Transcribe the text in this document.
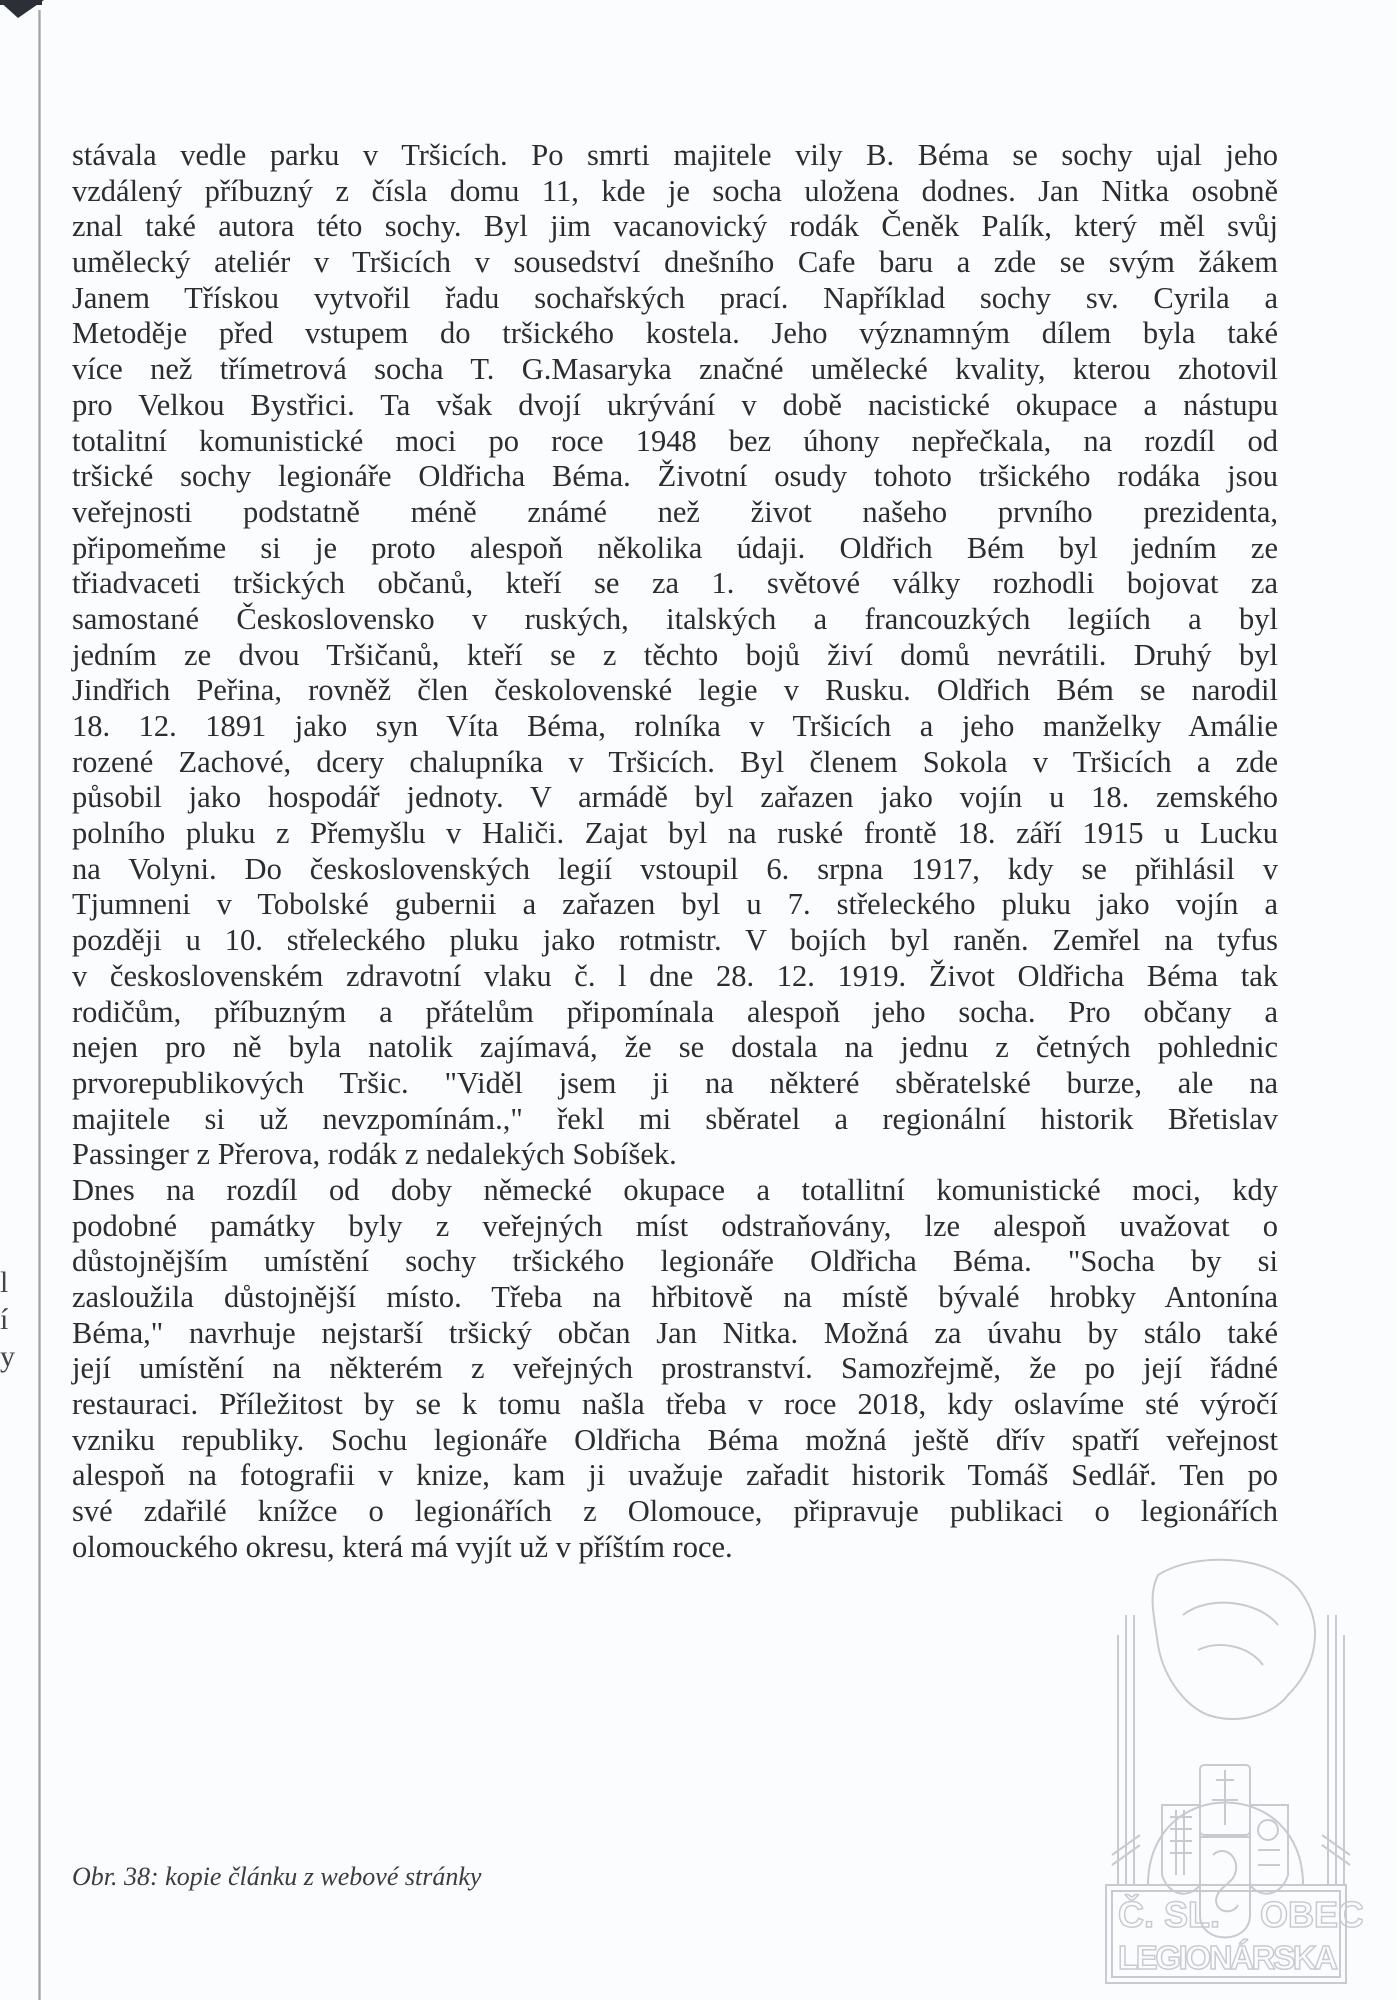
l
í
y
stávala vedle parku v Tršicích. Po smrti majitele vily B. Béma se sochy ujal jeho
vzdálený příbuzný z čísla domu 11, kde je socha uložena dodnes. Jan Nitka osobně
znal také autora této sochy. Byl jim vacanovický rodák Čeněk Palík, který měl svůj
umělecký ateliér v Tršicích v sousedství dnešního Cafe baru a zde se svým žákem
Janem Třískou vytvořil řadu sochařských prací. Například sochy sv. Cyrila a
Metoděje před vstupem do tršického kostela. Jeho významným dílem byla také
více než třímetrová socha T. G.Masaryka značné umělecké kvality, kterou zhotovil
pro Velkou Bystřici. Ta však dvojí ukrývání v době nacistické okupace a nástupu
totalitní komunistické moci po roce 1948 bez úhony nepřečkala, na rozdíl od
tršické sochy legionáře Oldřicha Béma. Životní osudy tohoto tršického rodáka jsou
veřejnosti podstatně méně známé než život našeho prvního prezidenta,
připomeňme si je proto alespoň několika údaji. Oldřich Bém byl jedním ze
třiadvaceti tršických občanů, kteří se za 1. světové války rozhodli bojovat za
samostané Československo v ruských, italských a francouzkých legiích a byl
jedním ze dvou Tršičanů, kteří se z těchto bojů živí domů nevrátili. Druhý byl
Jindřich Peřina, rovněž člen českolovenské legie v Rusku. Oldřich Bém se narodil
18. 12. 1891 jako syn Víta Béma, rolníka v Tršicích a jeho manželky Amálie
rozené Zachové, dcery chalupníka v Tršicích. Byl členem Sokola v Tršicích a zde
působil jako hospodář jednoty. V armádě byl zařazen jako vojín u 18. zemského
polního pluku z Přemyšlu v Haliči. Zajat byl na ruské frontě 18. září 1915 u Lucku
na Volyni. Do československých legií vstoupil 6. srpna 1917, kdy se přihlásil v
Tjumneni v Tobolské gubernii a zařazen byl u 7. střeleckého pluku jako vojín a
později u 10. střeleckého pluku jako rotmistr. V bojích byl raněn. Zemřel na tyfus
v československém zdravotní vlaku č. l dne 28. 12. 1919. Život Oldřicha Béma tak
rodičům, příbuzným a přátelům připomínala alespoň jeho socha. Pro občany a
nejen pro ně byla natolik zajímavá, že se dostala na jednu z četných pohlednic
prvorepublikových Tršic. "Viděl jsem ji na některé sběratelské burze, ale na
majitele si už nevzpomínám.," řekl mi sběratel a regionální historik Břetislav
Passinger z Přerova, rodák z nedalekých Sobíšek.
Dnes na rozdíl od doby německé okupace a totallitní komunistické moci, kdy
podobné památky byly z veřejných míst odstraňovány, lze alespoň uvažovat o
důstojnějším umístění sochy tršického legionáře Oldřicha Béma. "Socha by si
zasloužila důstojnější místo. Třeba na hřbitově na místě bývalé hrobky Antonína
Béma," navrhuje nejstarší tršický občan Jan Nitka. Možná za úvahu by stálo také
její umístění na některém z veřejných prostranství. Samozřejmě, že po její řádné
restauraci. Příležitost by se k tomu našla třeba v roce 2018, kdy oslavíme sté výročí
vzniku republiky. Sochu legionáře Oldřicha Béma možná ještě dřív spatří veřejnost
alespoň na fotografii v knize, kam ji uvažuje zařadit historik Tomáš Sedlář. Ten po
své zdařilé knížce o legionářích z Olomouce, připravuje publikaci o legionářích
olomouckého okresu, která má vyjít už v příštím roce.
Obr. 38: kopie článku z webové stránky
Č. SL. OBEC
LEGIONÁRSKA
